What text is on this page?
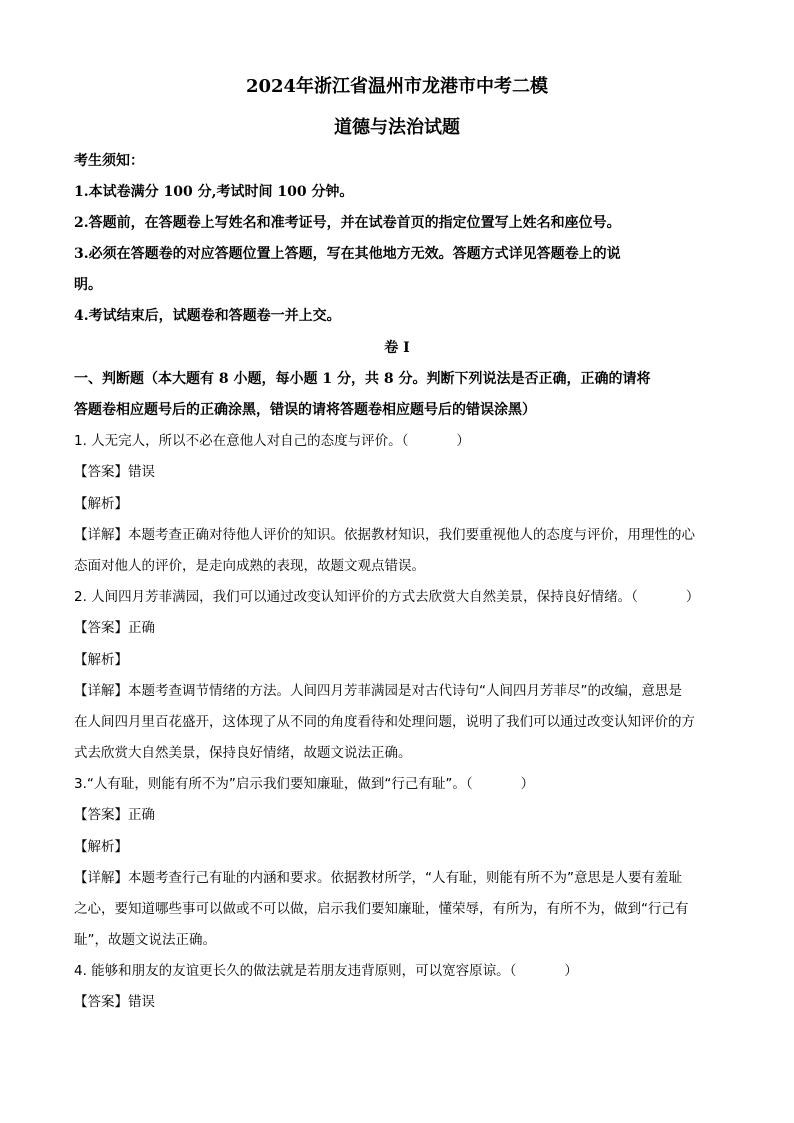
2024年浙江省温州市龙港市中考二模
道德与法治试题
考生须知：
1.本试卷满分 100 分,考试时间 100 分钟。
2.答题前，在答题卷上写姓名和准考证号，并在试卷首页的指定位置写上姓名和座位号。
3.必须在答题卷的对应答题位置上答题，写在其他地方无效。答题方式详见答题卷上的说
明。
4.考试结束后，试题卷和答题卷一并上交。
卷 I
一、判断题（本大题有 8 小题，每小题 1 分，共 8 分。判断下列说法是否正确，正确的请将
答题卷相应题号后的正确涂黑，错误的请将答题卷相应题号后的错误涂黑）
1. 人无完人，所以不必在意他人对自己的态度与评价。（	）
【答案】错误
【解析】
【详解】本题考查正确对待他人评价的知识。依据教材知识，我们要重视他人的态度与评价，用理性的心
态面对他人的评价，是走向成熟的表现，故题文观点错误。
2. 人间四月芳菲满园，我们可以通过改变认知评价的方式去欣赏大自然美景，保持良好情绪。（	）
【答案】正确
【解析】
【详解】本题考查调节情绪的方法。人间四月芳菲满园是对古代诗句“人间四月芳菲尽”的改编，意思是
在人间四月里百花盛开，这体现了从不同的角度看待和处理问题，说明了我们可以通过改变认知评价的方
式去欣赏大自然美景，保持良好情绪，故题文说法正确。
3.“人有耻，则能有所不为”启示我们要知廉耻，做到“行己有耻”。（	）
【答案】正确
【解析】
【详解】本题考查行己有耻的内涵和要求。依据教材所学，“人有耻，则能有所不为”意思是人要有羞耻
之心，要知道哪些事可以做或不可以做，启示我们要知廉耻，懂荣辱，有所为，有所不为，做到“行己有
耻”，故题文说法正确。
4. 能够和朋友的友谊更长久的做法就是若朋友违背原则，可以宽容原谅。（	）
【答案】错误
